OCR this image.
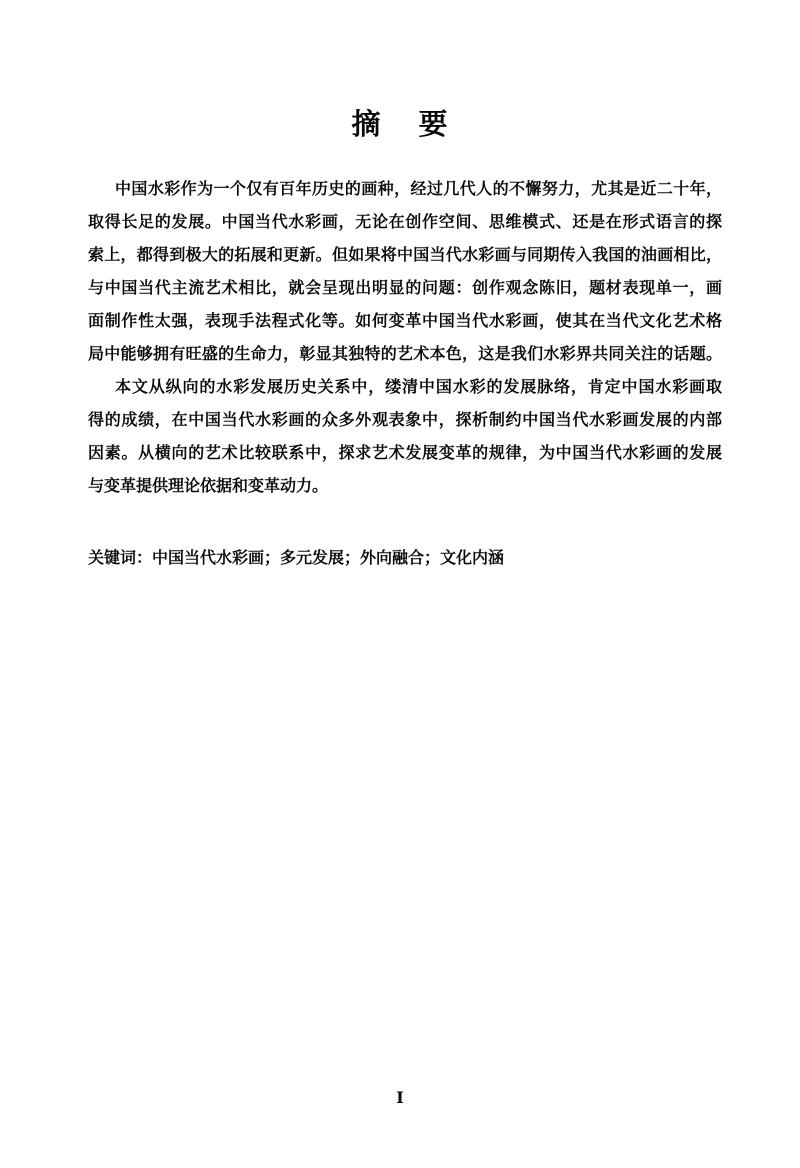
摘 要

中国水彩作为一个仅有百年历史的画种，经过几代人的不懈努力，尤其是近二十年，

取得长足的发展。中国当代水彩画，无论在创作空间、思维模式、还是在形式语言的探

索上，都得到极大的拓展和更新。但如果将中国当代水彩画与同期传入我国的油画相比，

与中国当代主流艺术相比，就会呈现出明显的问题：创作观念陈旧，题材表现单一，画

面制作性太强，表现手法程式化等。如何变革中国当代水彩画，使其在当代文化艺术格

局中能够拥有旺盛的生命力，彰显其独特的艺术本色，这是我们水彩界共同关注的话题。

本文从纵向的水彩发展历史关系中，缕清中国水彩的发展脉络，肯定中国水彩画取

得的成绩，在中国当代水彩画的众多外观表象中，探析制约中国当代水彩画发展的内部

因素。从横向的艺术比较联系中，探求艺术发展变革的规律，为中国当代水彩画的发展

与变革提供理论依据和变革动力。

关键词：中国当代水彩画；多元发展；外向融合；文化内涵
I
